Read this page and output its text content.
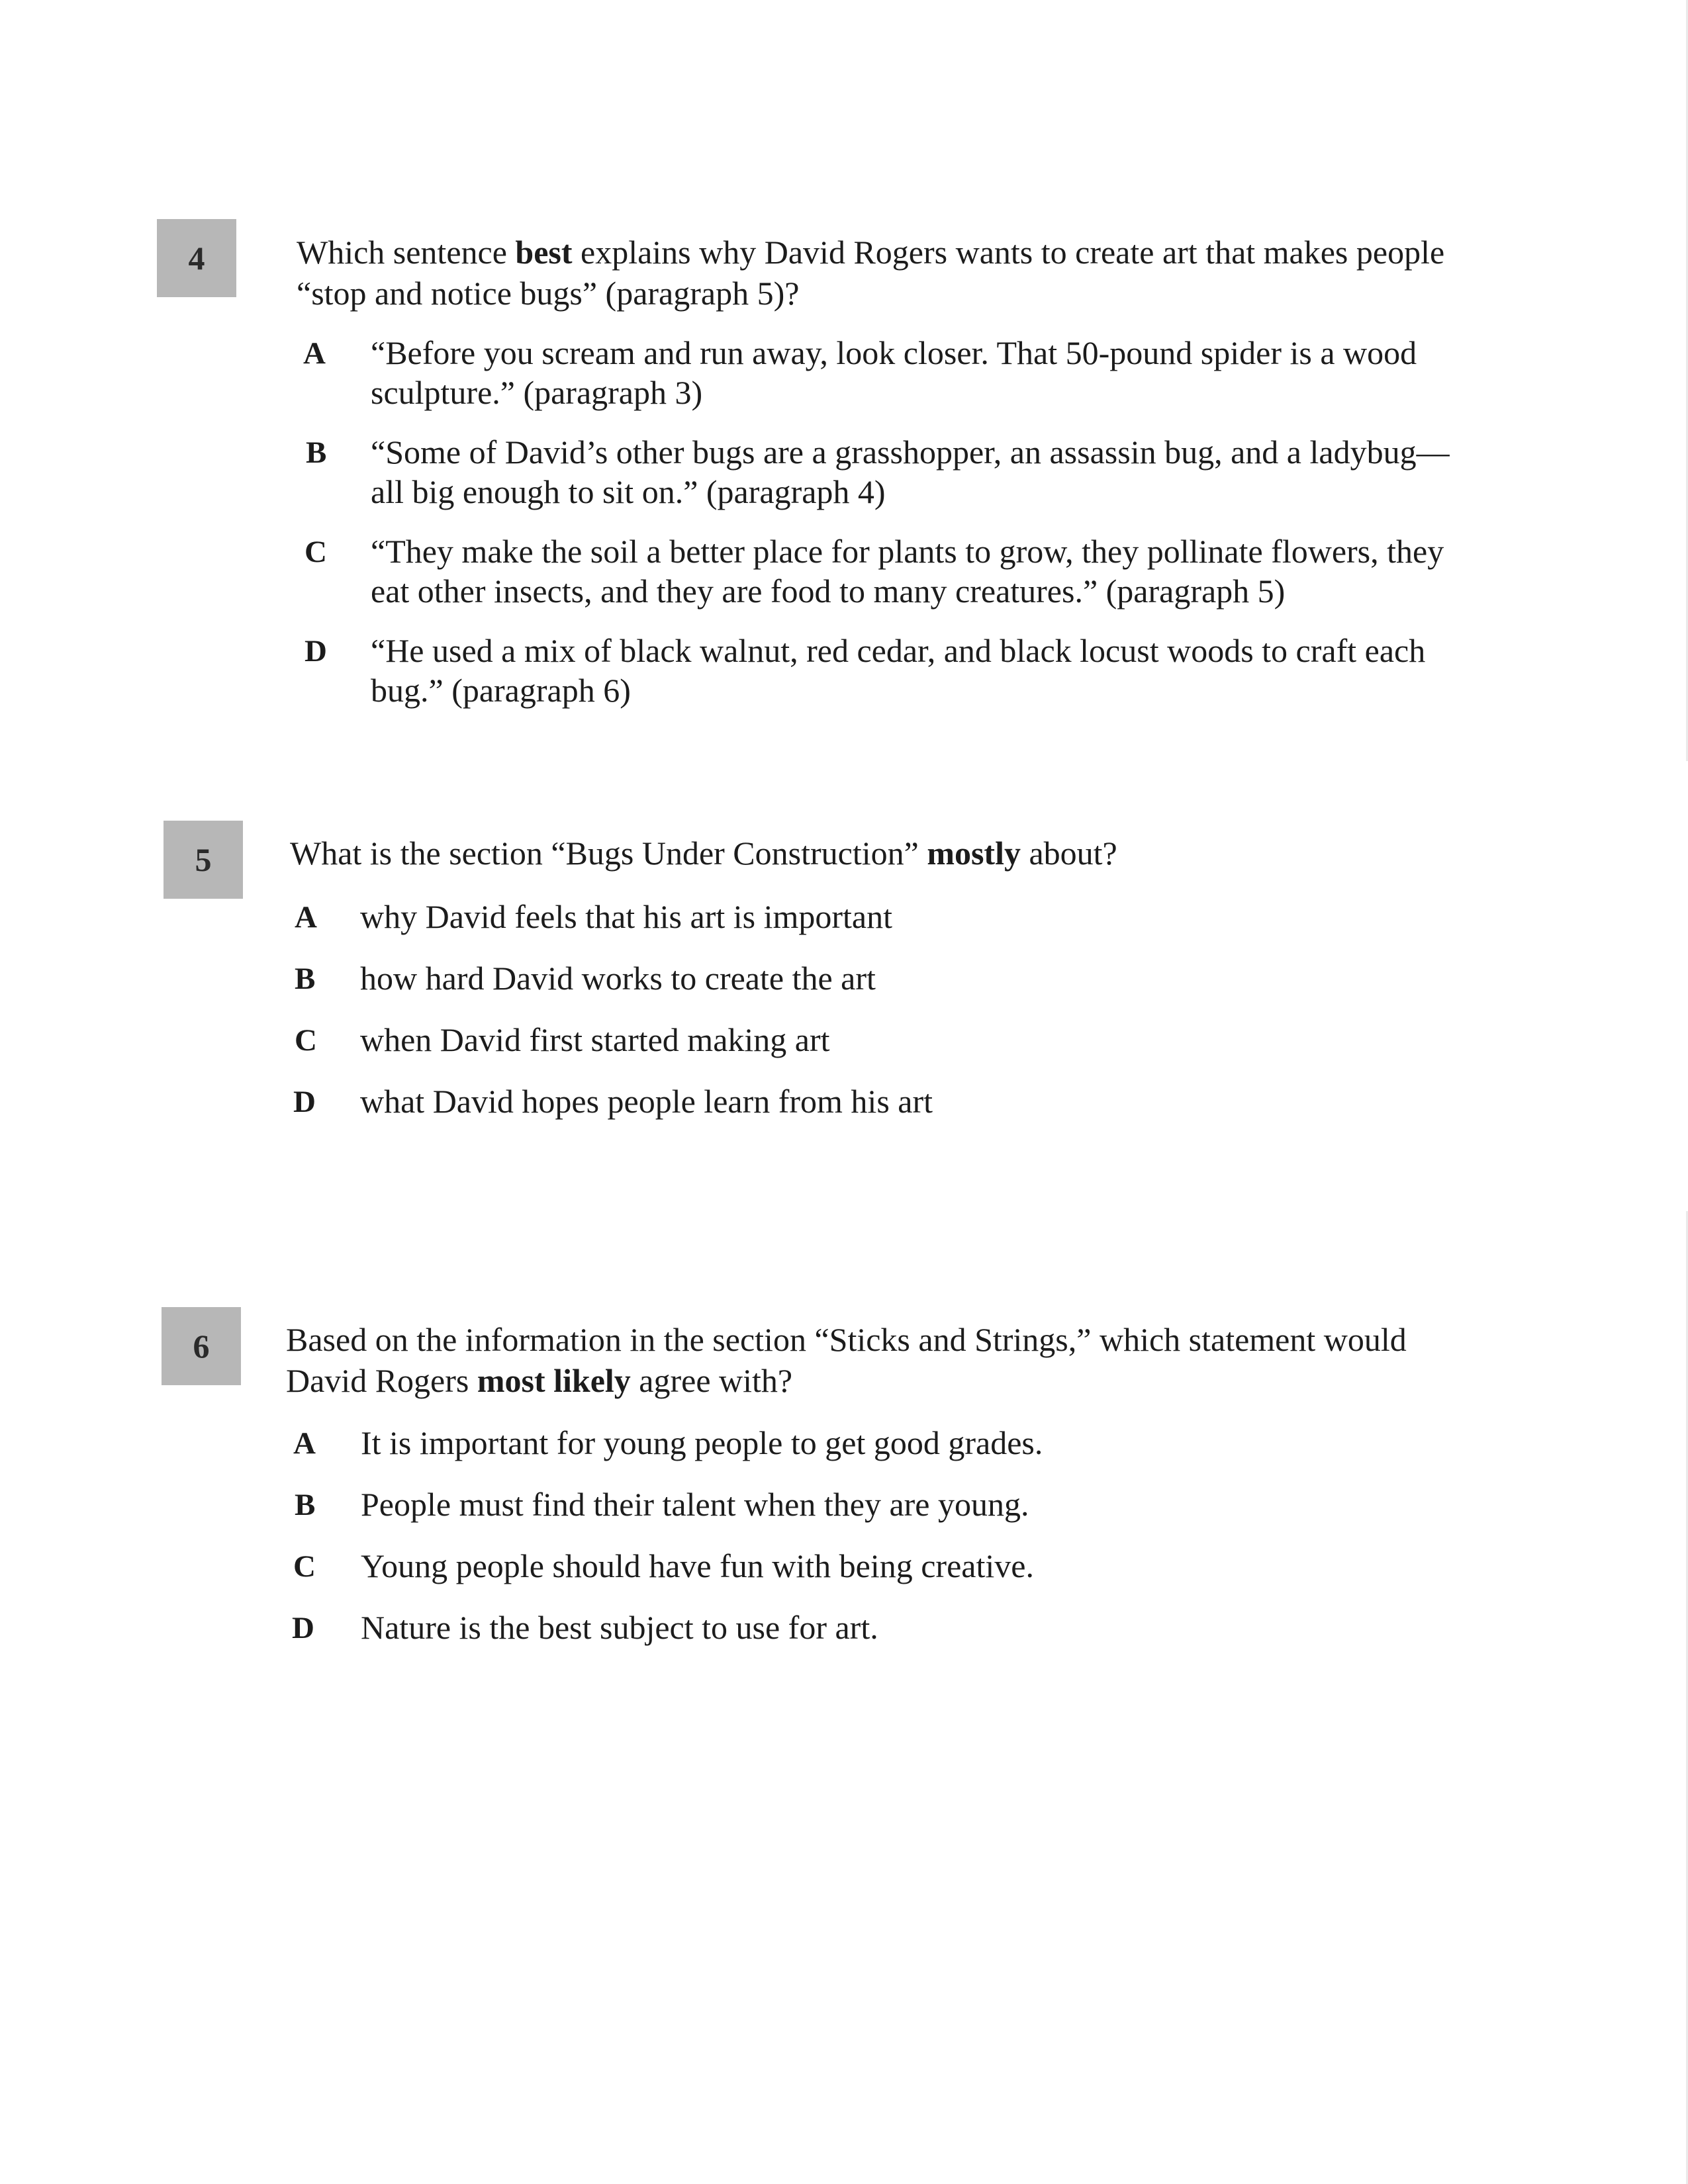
4	Which sentence best explains why David Rogers wants to create art that makes people “stop and notice bugs” (paragraph 5)?
A “Before you scream and run away, look closer. That 50-pound spider is a wood sculpture.” (paragraph 3)
B “Some of David’s other bugs are a grasshopper, an assassin bug, and a ladybug—all big enough to sit on.” (paragraph 4)
C “They make the soil a better place for plants to grow, they pollinate flowers, they eat other insects, and they are food to many creatures.” (paragraph 5)
D “He used a mix of black walnut, red cedar, and black locust woods to craft each bug.” (paragraph 6)
5 What is the section “Bugs Under Construction” mostly about?
A why David feels that his art is important
B how hard David works to create the art
C when David first started making art
D what David hopes people learn from his art
6 Based on the information in the section “Sticks and Strings,” which statement would David Rogers most likely agree with?
A It is important for young people to get good grades.
B People must find their talent when they are young.
C Young people should have fun with being creative.
D Nature is the best subject to use for art.
